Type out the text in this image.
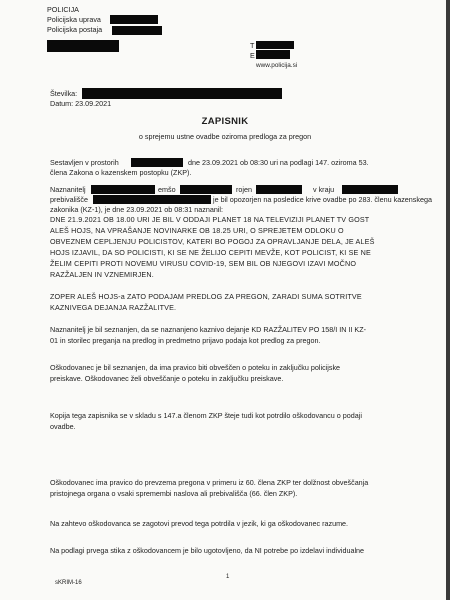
POLICIJA

Policijska uprava

Policijska postaja

T

E

www.policija.si

Številka:

Datum: 23.09.2021

ZAPISNIK

o sprejemu ustne ovadbe oziroma predloga za pregon

Sestavljen v prostorih	dne 23.09.2021 ob 08:30 uri na podlagi 147. oziroma 53.

člena Zakona o kazenskem postopku (ZKP).

Naznanitelj	emšo	rojen	v kraju

prebivališče	je bil opozorjen na posledice krive ovadbe po 283. členu kazenskega

zakonika (KZ-1), je dne 23.09.2021 ob 08:31 naznanil:

DNE 21.9.2021 OB 18.00 URI JE BIL V ODDAJI PLANET 18 NA TELEVIZIJI PLANET TV GOST

ALEŠ HOJS, NA VPRAŠANJE NOVINARKE OB 18.25 URI, O SPREJETEM ODLOKU O

OBVEZNEM CEPLJENJU POLICISTOV, KATERI BO POGOJ ZA OPRAVLJANJE DELA, JE ALEŠ

HOJS IZJAVIL, DA SO POLICISTI, KI SE NE ŽELIJO CEPITI MEVŽE, KOT POLICIST, KI SE NE

ŽELIM CEPITI PROTI NOVEMU VIRUSU COVID-19, SEM BIL OB NJEGOVI IZAVI MOČNO

RAZŽALJEN IN VZNEMIRJEN.

ZOPER ALEŠ HOJS-a ZATO PODAJAM PREDLOG ZA PREGON, ZARADI SUMA SOTRITVE

KAZNIVEGA DEJANJA RAZŽALITVE.

Naznanitelj je bil seznanjen, da se naznanjeno kaznivo dejanje KD RAZŽALITEV PO 158/I IN II KZ-

01 in storilec preganja na predlog in predmetno prijavo podaja kot predlog za pregon.

Oškodovanec je bil seznanjen, da ima pravico biti obveščen o poteku in zaključku policijske

preiskave. Oškodovanec želi obveščanje o poteku in zaključku preiskave.

Kopija tega zapisnika se v skladu s 147.a členom ZKP šteje tudi kot potrdilo oškodovancu o podaji

ovadbe.

Oškodovanec ima pravico do prevzema pregona v primeru iz 60. člena ZKP ter dolžnost obveščanja

pristojnega organa o vsaki spremembi naslova ali prebivališča (66. člen ZKP).

Na zahtevo oškodovanca se zagotovi prevod tega potrdila v jezik, ki ga oškodovanec razume.

Na podlagi prvega stika z oškodovancem je bilo ugotovljeno, da NI potrebe po izdelavi individualne

sKRIM-16

1
